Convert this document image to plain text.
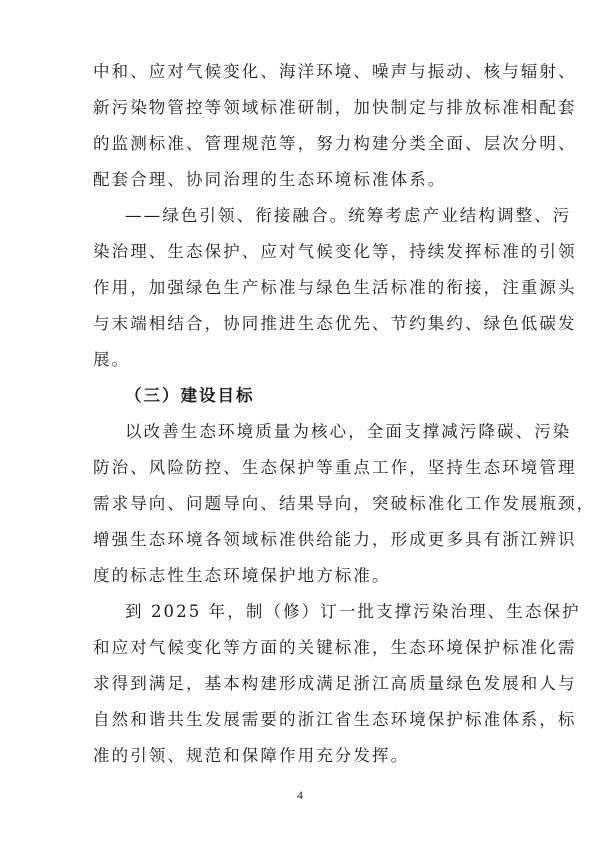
中和、应对气候变化、海洋环境、噪声与振动、核与辐射、
新污染物管控等领域标准研制，加快制定与排放标准相配套
的监测标准、管理规范等，努力构建分类全面、层次分明、
配套合理、协同治理的生态环境标准体系。
——绿色引领、衔接融合。统筹考虑产业结构调整、污
染治理、生态保护、应对气候变化等，持续发挥标准的引领
作用，加强绿色生产标准与绿色生活标准的衔接，注重源头
与末端相结合，协同推进生态优先、节约集约、绿色低碳发
展。
（三）建设目标
以改善生态环境质量为核心，全面支撑减污降碳、污染
防治、风险防控、生态保护等重点工作，坚持生态环境管理
需求导向、问题导向、结果导向，突破标准化工作发展瓶颈，
增强生态环境各领域标准供给能力，形成更多具有浙江辨识
度的标志性生态环境保护地方标准。
到 2025 年，制（修）订一批支撑污染治理、生态保护
和应对气候变化等方面的关键标准，生态环境保护标准化需
求得到满足，基本构建形成满足浙江高质量绿色发展和人与
自然和谐共生发展需要的浙江省生态环境保护标准体系，标
准的引领、规范和保障作用充分发挥。
4
